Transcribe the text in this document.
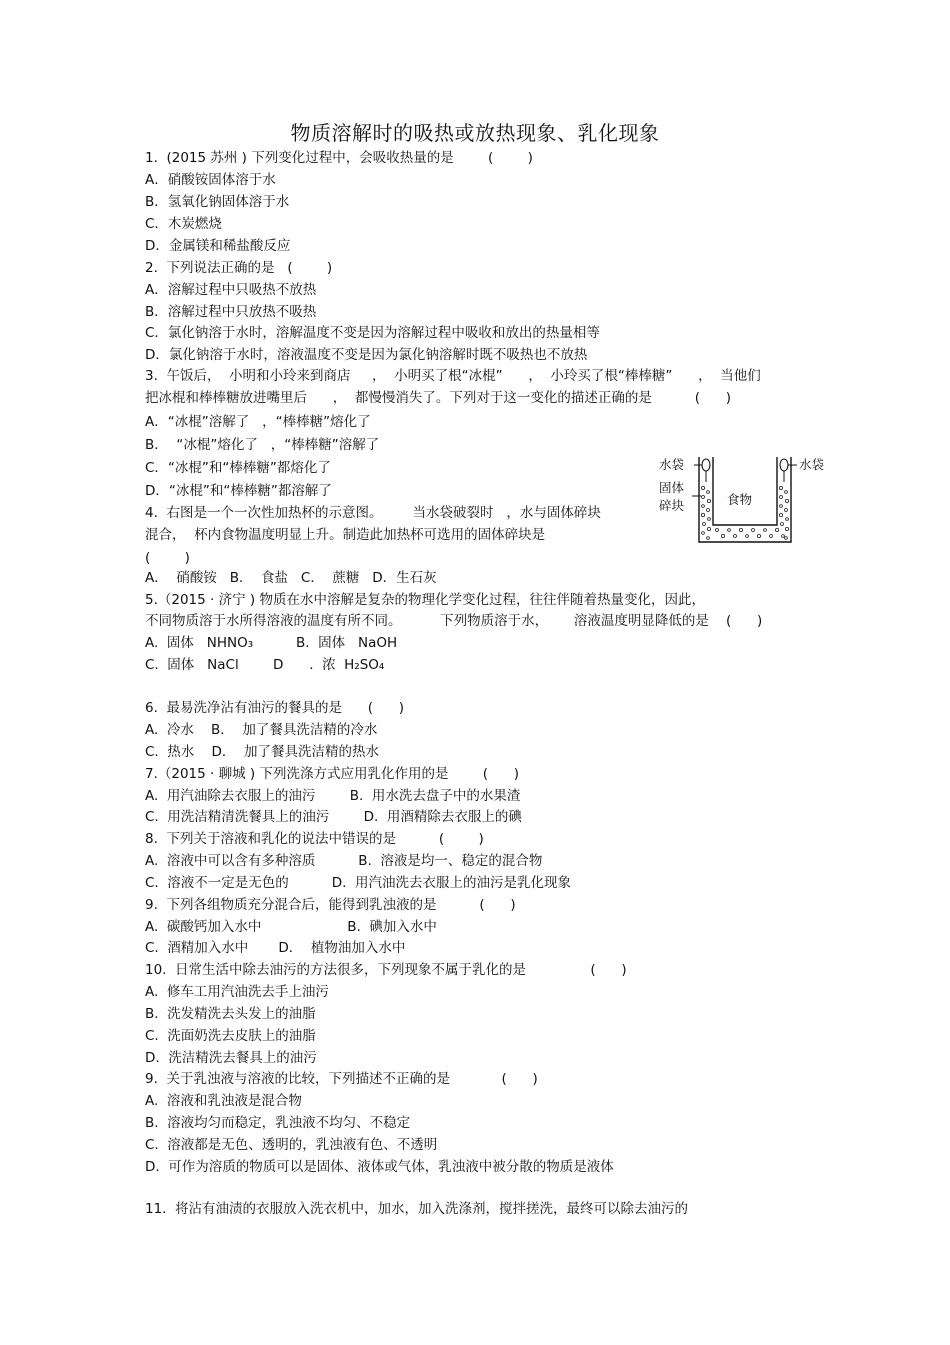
物质溶解时的吸热或放热现象、乳化现象
1.  (2015 苏州 ) 下列变化过程中，会吸收热量的是        (        )
A．硝酸铵固体溶于水
B．氢氧化钠固体溶于水
C．木炭燃烧
D．金属镁和稀盐酸反应
2.  下列说法正确的是   (        )
A．溶解过程中只吸热不放热
B．溶解过程中只放热不吸热
C．氯化钠溶于水时，溶解温度不变是因为溶解过程中吸收和放出的热量相等
D．氯化钠溶于水时，溶液温度不变是因为氯化钠溶解时既不吸热也不放热
3.  午饭后，  小明和小玲来到商店     ，  小明买了根“冰棍”      ，  小玲买了根“棒棒糖”      ，  当他们
把冰棍和棒棒糖放进嘴里后      ，  都慢慢消失了。下列对于这一变化的描述正确的是          (      )
A．“冰棍”溶解了   ，“棒棒糖”熔化了
B．  “冰棍”熔化了   ，“棒棒糖”溶解了
C．“冰棍”和“棒棒糖”都熔化了
D．“冰棍”和“棒棒糖”都溶解了
4.  右图是一个一次性加热杯的示意图。       当水袋破裂时   ，水与固体碎块
混合，  杯内食物温度明显上升。制造此加热杯可选用的固体碎块是
(        )
A．  硝酸铵   B．  食盐   C．  蔗糖   D．生石灰
5.（2015 · 济宁 ) 物质在水中溶解是复杂的物理化学变化过程，往往伴随着热量变化，因此，
不同物质溶于水所得溶液的温度有所不同。         下列物质溶于水，      溶液温度明显降低的是    (      )
A.  固体   NHNO₃          B.  固体   NaOH
C.  固体   NaCl        D      .  浓  H₂SO₄
6.  最易洗净沾有油污的餐具的是      (      )
A.  冷水    B．  加了餐具洗洁精的冷水
C.  热水    D．  加了餐具洗洁精的热水
7.（2015 · 聊城 ) 下列洗涤方式应用乳化作用的是        (      )
A.  用汽油除去衣服上的油污        B.  用水洗去盘子中的水果渣
C.  用洗洁精清洗餐具上的油污        D.  用酒精除去衣服上的碘
8.  下列关于溶液和乳化的说法中错误的是          (        )
A.  溶液中可以含有多种溶质          B.  溶液是均一、稳定的混合物
C.  溶液不一定是无色的          D.  用汽油洗去衣服上的油污是乳化现象
9.  下列各组物质充分混合后，能得到乳浊液的是          (      )
A.  碳酸钙加入水中                    B.  碘加入水中
C.  酒精加入水中       D．  植物油加入水中
10.  日常生活中除去油污的方法很多，下列现象不属于乳化的是               (      )
A.  修车工用汽油洗去手上油污
B.  洗发精洗去头发上的油脂
C.  洗面奶洗去皮肤上的油脂
D.  洗洁精洗去餐具上的油污
9.  关于乳浊液与溶液的比较，下列描述不正确的是            (      )
A.  溶液和乳浊液是混合物
B.  溶液均匀而稳定，乳浊液不均匀、不稳定
C.  溶液都是无色、透明的，乳浊液有色、不透明
D.  可作为溶质的物质可以是固体、液体或气体，乳浊液中被分散的物质是液体
11.  将沾有油渍的衣服放入洗衣机中，加水，加入洗涤剂，搅拌搓洗，最终可以除去油污的
水袋	水袋
固体
碎块	食物
